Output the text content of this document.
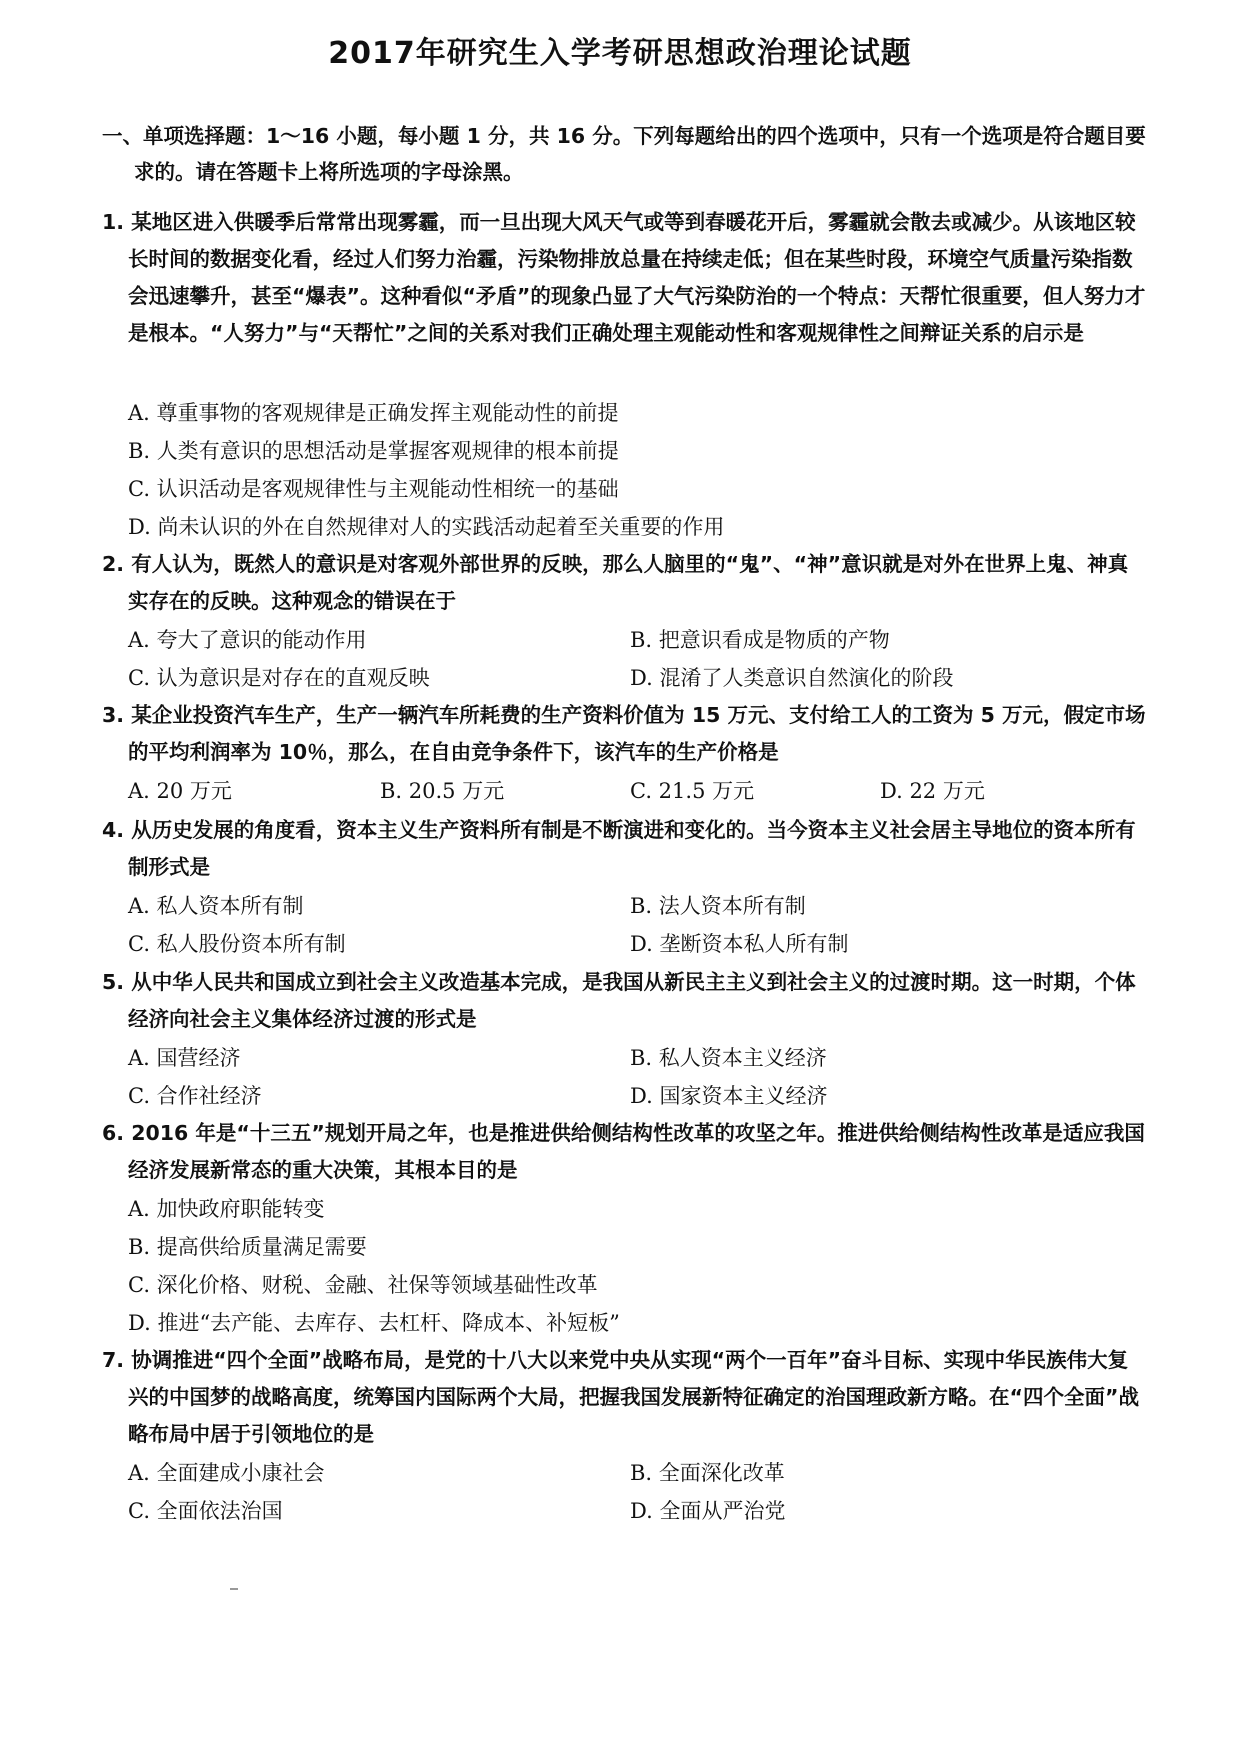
2017年研究生入学考研思想政治理论试题
一、单项选择题：1～16 小题，每小题 1 分，共 16 分。下列每题给出的四个选项中，只有一个选项是符合题目要求的。请在答题卡上将所选项的字母涂黑。
1. 某地区进入供暖季后常常出现雾霾，而一旦出现大风天气或等到春暖花开后，雾霾就会散去或减少。从该地区较长时间的数据变化看，经过人们努力治霾，污染物排放总量在持续走低；但在某些时段，环境空气质量污染指数会迅速攀升，甚至“爆表”。这种看似“矛盾”的现象凸显了大气污染防治的一个特点：天帮忙很重要，但人努力才是根本。“人努力”与“天帮忙”之间的关系对我们正确处理主观能动性和客观规律性之间辩证关系的启示是
A. 尊重事物的客观规律是正确发挥主观能动性的前提
B. 人类有意识的思想活动是掌握客观规律的根本前提
C. 认识活动是客观规律性与主观能动性相统一的基础
D. 尚未认识的外在自然规律对人的实践活动起着至关重要的作用
2. 有人认为，既然人的意识是对客观外部世界的反映，那么人脑里的“鬼”、“神”意识就是对外在世界上鬼、神真实存在的反映。这种观念的错误在于
A. 夸大了意识的能动作用	B. 把意识看成是物质的产物
C. 认为意识是对存在的直观反映	D. 混淆了人类意识自然演化的阶段
3. 某企业投资汽车生产，生产一辆汽车所耗费的生产资料价值为 15 万元、支付给工人的工资为 5 万元，假定市场的平均利润率为 10％，那么，在自由竞争条件下，该汽车的生产价格是
A. 20 万元	B. 20.5 万元	C. 21.5 万元	D. 22 万元
4. 从历史发展的角度看，资本主义生产资料所有制是不断演进和变化的。当今资本主义社会居主导地位的资本所有制形式是
A. 私人资本所有制	B. 法人资本所有制
C. 私人股份资本所有制	D. 垄断资本私人所有制
5. 从中华人民共和国成立到社会主义改造基本完成，是我国从新民主主义到社会主义的过渡时期。这一时期，个体经济向社会主义集体经济过渡的形式是
A. 国营经济	B. 私人资本主义经济
C. 合作社经济	D. 国家资本主义经济
6. 2016 年是“十三五”规划开局之年，也是推进供给侧结构性改革的攻坚之年。推进供给侧结构性改革是适应我国经济发展新常态的重大决策，其根本目的是
A. 加快政府职能转变
B. 提高供给质量满足需要
C. 深化价格、财税、金融、社保等领域基础性改革
D. 推进“去产能、去库存、去杠杆、降成本、补短板”
7. 协调推进“四个全面”战略布局，是党的十八大以来党中央从实现“两个一百年”奋斗目标、实现中华民族伟大复兴的中国梦的战略高度，统筹国内国际两个大局，把握我国发展新特征确定的治国理政新方略。在“四个全面”战略布局中居于引领地位的是
A. 全面建成小康社会	B. 全面深化改革
C. 全面依法治国	D. 全面从严治党
